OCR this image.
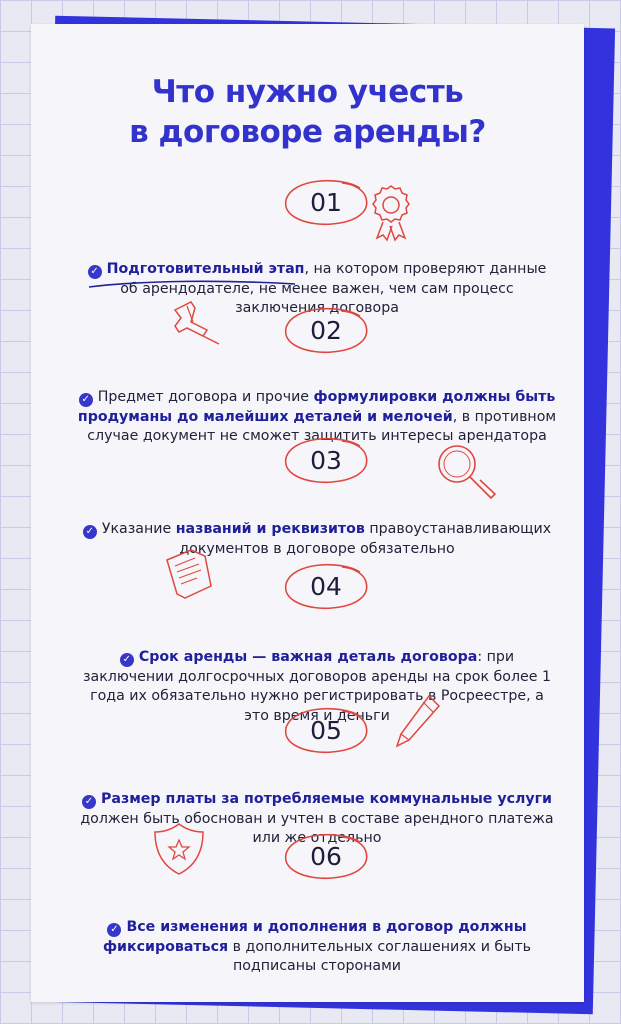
Что нужно учесть
в договоре аренды?
01

✓ Подготовительный этап, на котором проверяют данные об арендодателе, не менее важен, чем сам процесс заключения договора

02

✓ Предмет договора и прочие формулировки должны быть продуманы до малейших деталей и мелочей, в противном случае документ не сможет защитить интересы арендатора

03

✓ Указание названий и реквизитов правоустанавливающих документов в договоре обязательно

04

✓ Срок аренды — важная деталь договора: при заключении долгосрочных договоров аренды на срок более 1 года их обязательно нужно регистрировать в Росреестре, а это время и деньги

05

✓ Размер платы за потребляемые коммунальные услуги должен быть обоснован и учтен в составе арендного платежа или же отдельно

06

✓ Все изменения и дополнения в договор должны фиксироваться в дополнительных соглашениях и быть подписаны сторонами
